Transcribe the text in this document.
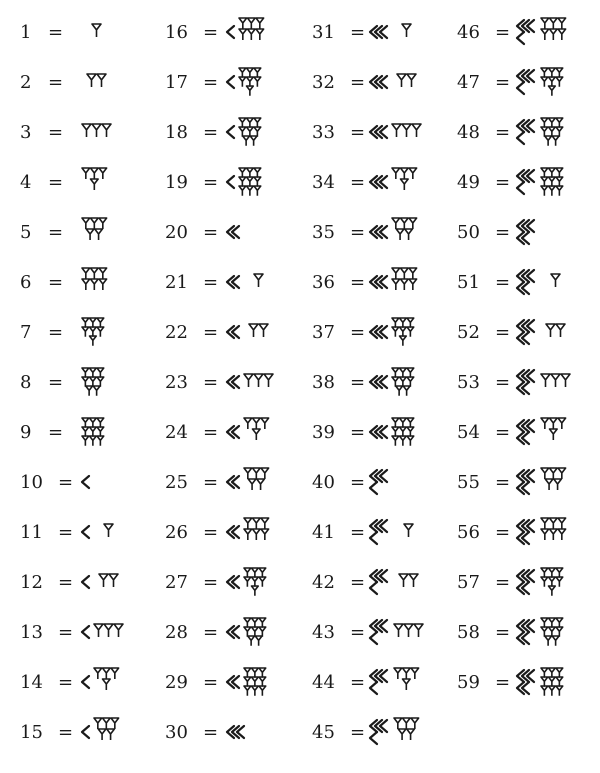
1 =
2 =
3 =
4 =
5 =
6 =
7 =
8 =
9 =
10 =
11 =
12 =
13 =
14 =
15 =
16 =
17 =
18 =
19 =
20 =
21 =
22 =
23 =
24 =
25 =
26 =
27 =
28 =
29 =
30 =
31 =
32 =
33 =
34 =
35 =
36 =
37 =
38 =
39 =
40 =
41 =
42 =
43 =
44 =
45 =
46 =
47 =
48 =
49 =
50 =
51 =
52 =
53 =
54 =
55 =
56 =
57 =
58 =
59 =
